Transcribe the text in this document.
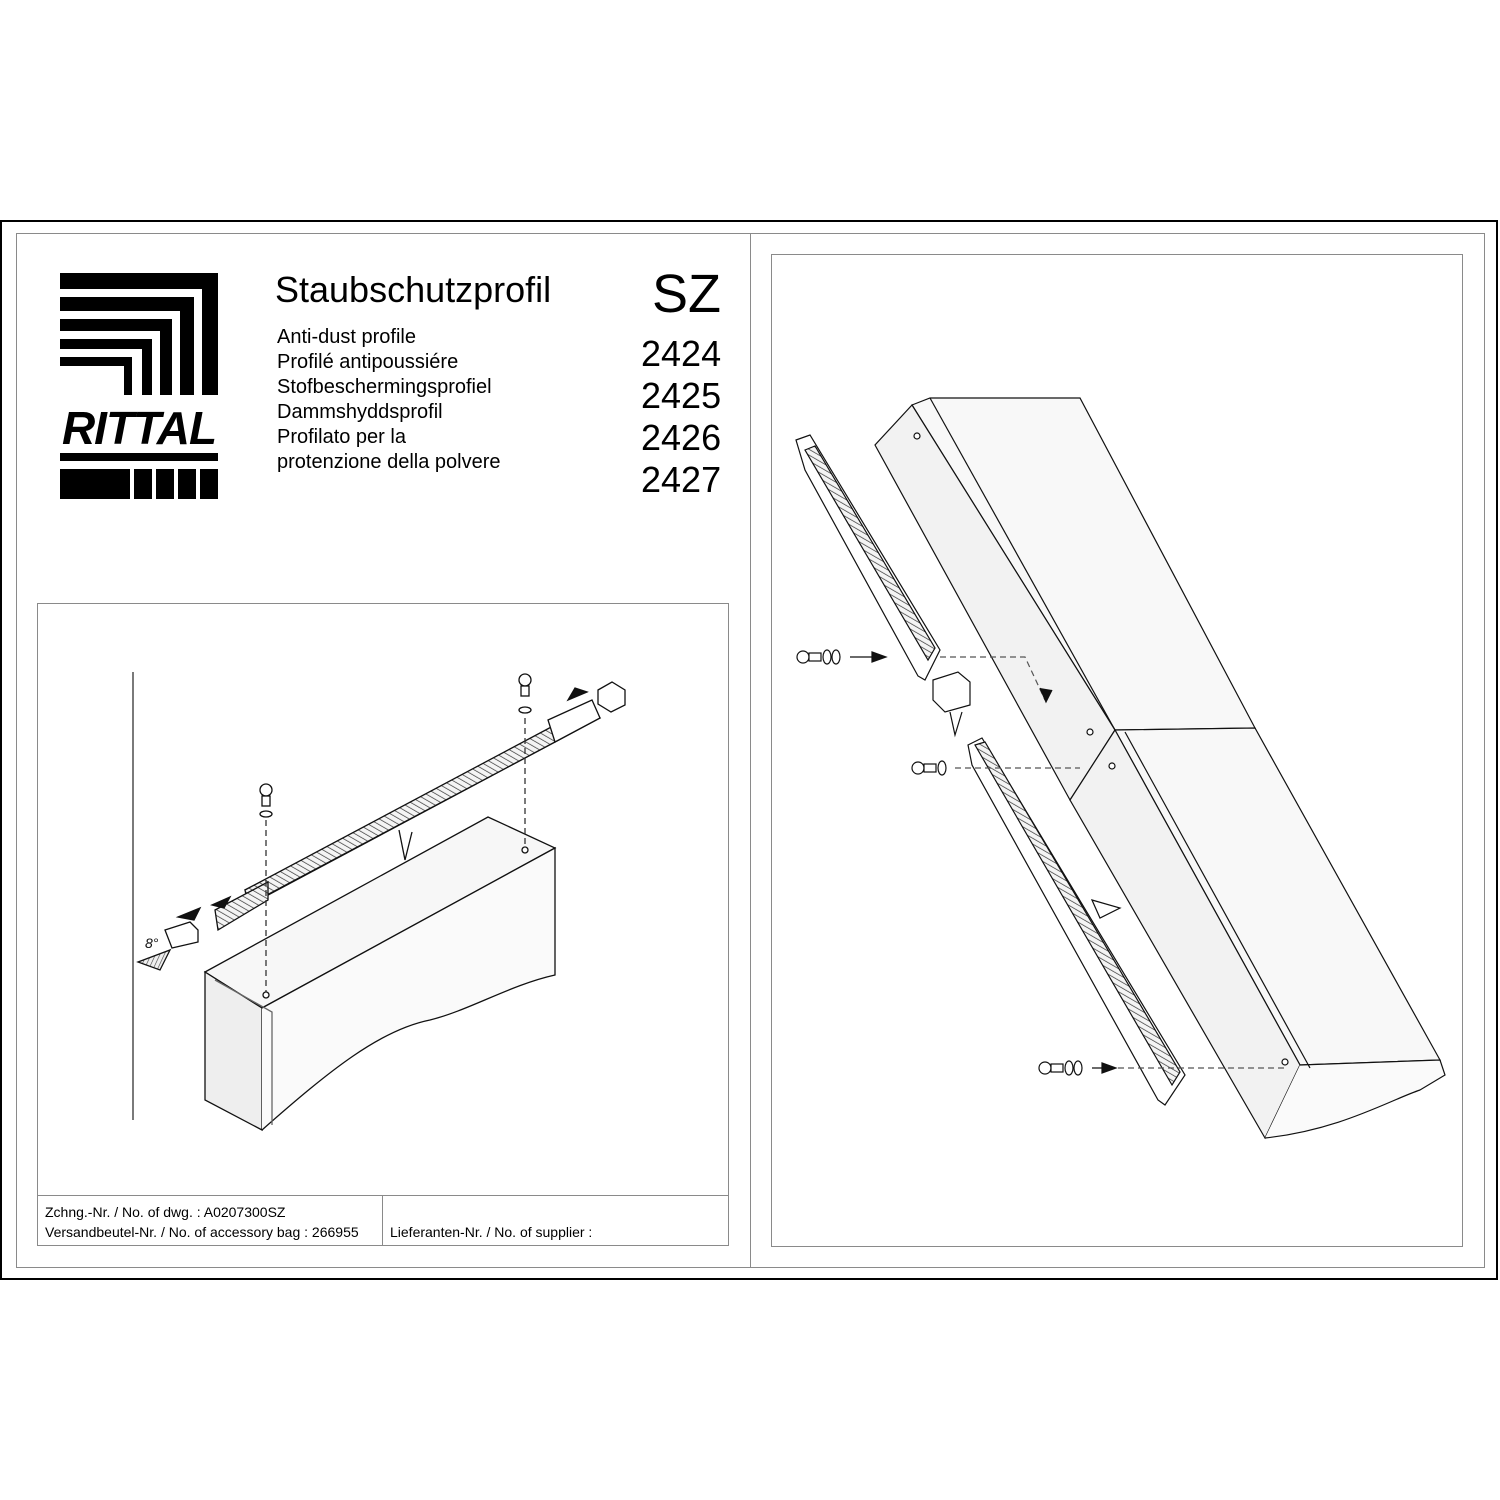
RITTAL
Staubschutzprofil
Anti-dust profile
Profilé antipoussiére
Stofbeschermingsprofiel
Dammshyddsprofil
Profilato per la
protenzione della polvere
SZ
2424
2425
2426
2427
8°
Zchng.-Nr. / No. of dwg. : A0207300SZ
Versandbeutel-Nr. / No. of accessory bag : 266955 Lieferanten-Nr. / No. of supplier :
